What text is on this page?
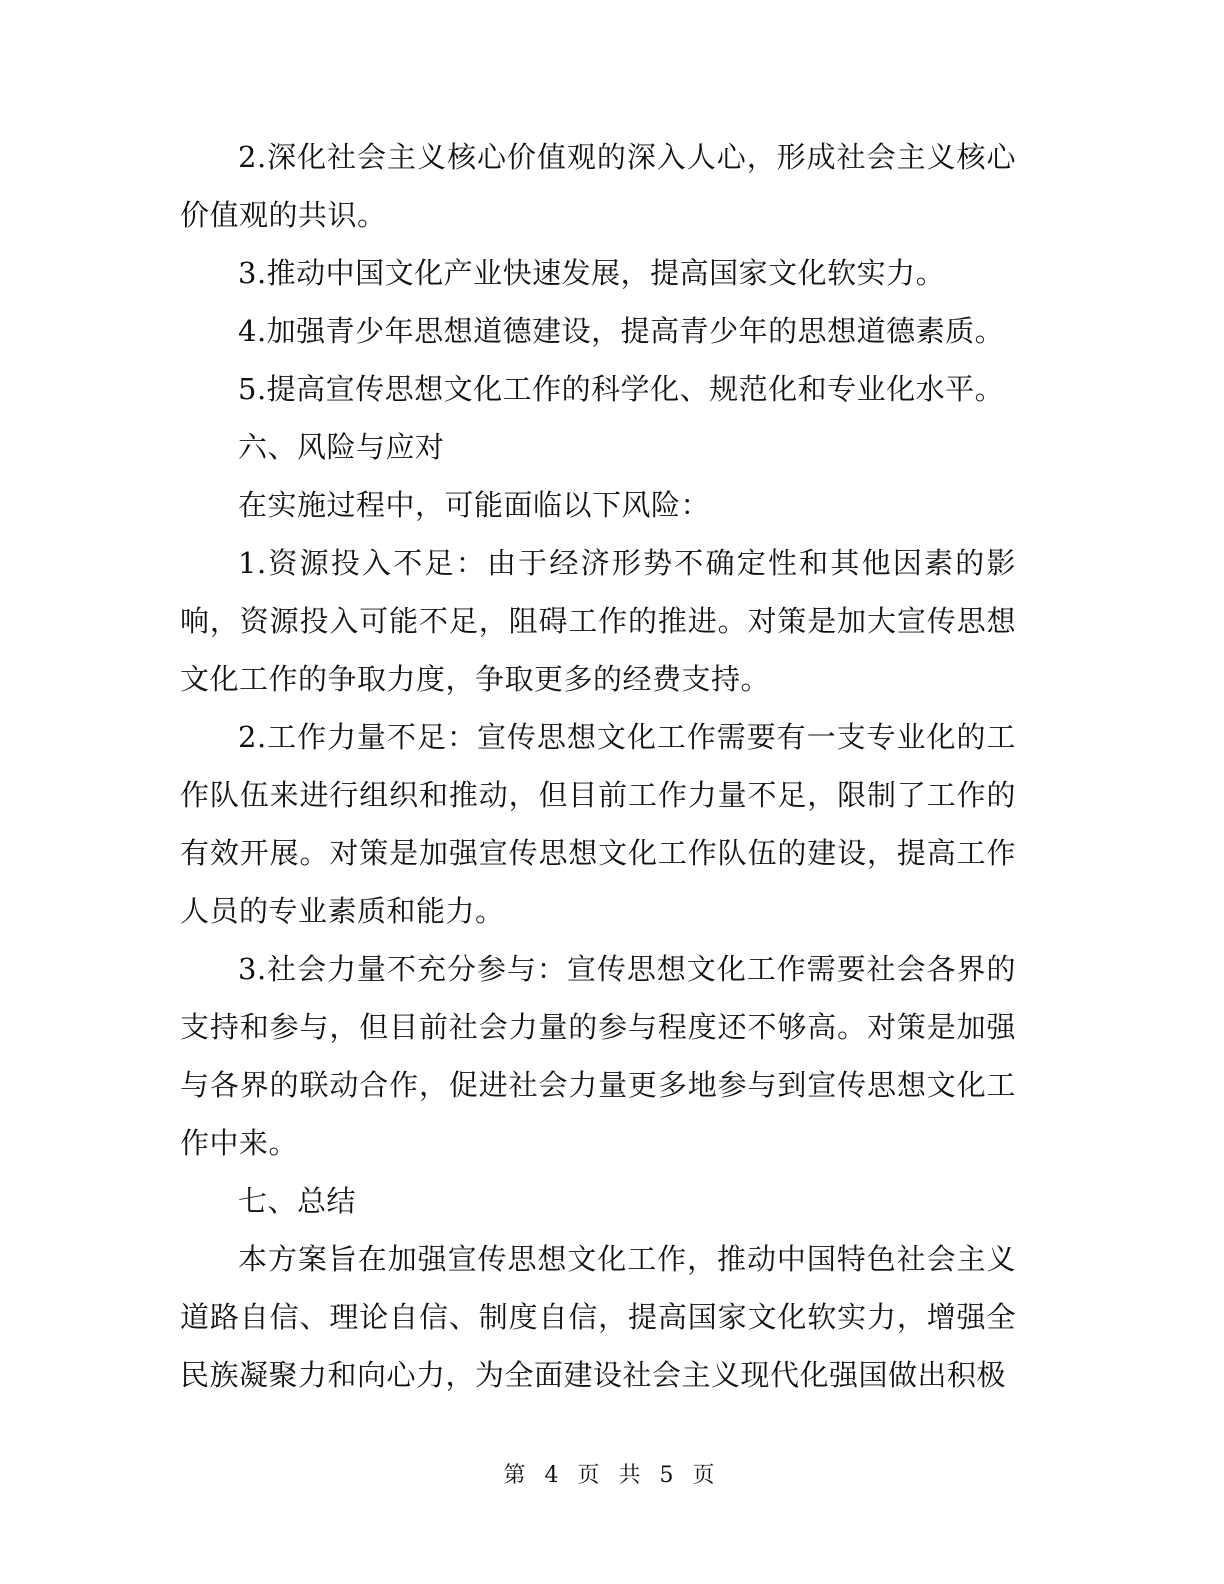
2.深化社会主义核心价值观的深入人心，形成社会主义核心价值观的共识。

3.推动中国文化产业快速发展，提高国家文化软实力。

4.加强青少年思想道德建设，提高青少年的思想道德素质。

5.提高宣传思想文化工作的科学化、规范化和专业化水平。

六、风险与应对

在实施过程中，可能面临以下风险：

1.资源投入不足：由于经济形势不确定性和其他因素的影响，资源投入可能不足，阻碍工作的推进。对策是加大宣传思想文化工作的争取力度，争取更多的经费支持。

2.工作力量不足：宣传思想文化工作需要有一支专业化的工作队伍来进行组织和推动，但目前工作力量不足，限制了工作的有效开展。对策是加强宣传思想文化工作队伍的建设，提高工作人员的专业素质和能力。

3.社会力量不充分参与：宣传思想文化工作需要社会各界的支持和参与，但目前社会力量的参与程度还不够高。对策是加强与各界的联动合作，促进社会力量更多地参与到宣传思想文化工作中来。

七、总结

本方案旨在加强宣传思想文化工作，推动中国特色社会主义道路自信、理论自信、制度自信，提高国家文化软实力，增强全民族凝聚力和向心力，为全面建设社会主义现代化强国做出积极

第 4 页 共 5 页
